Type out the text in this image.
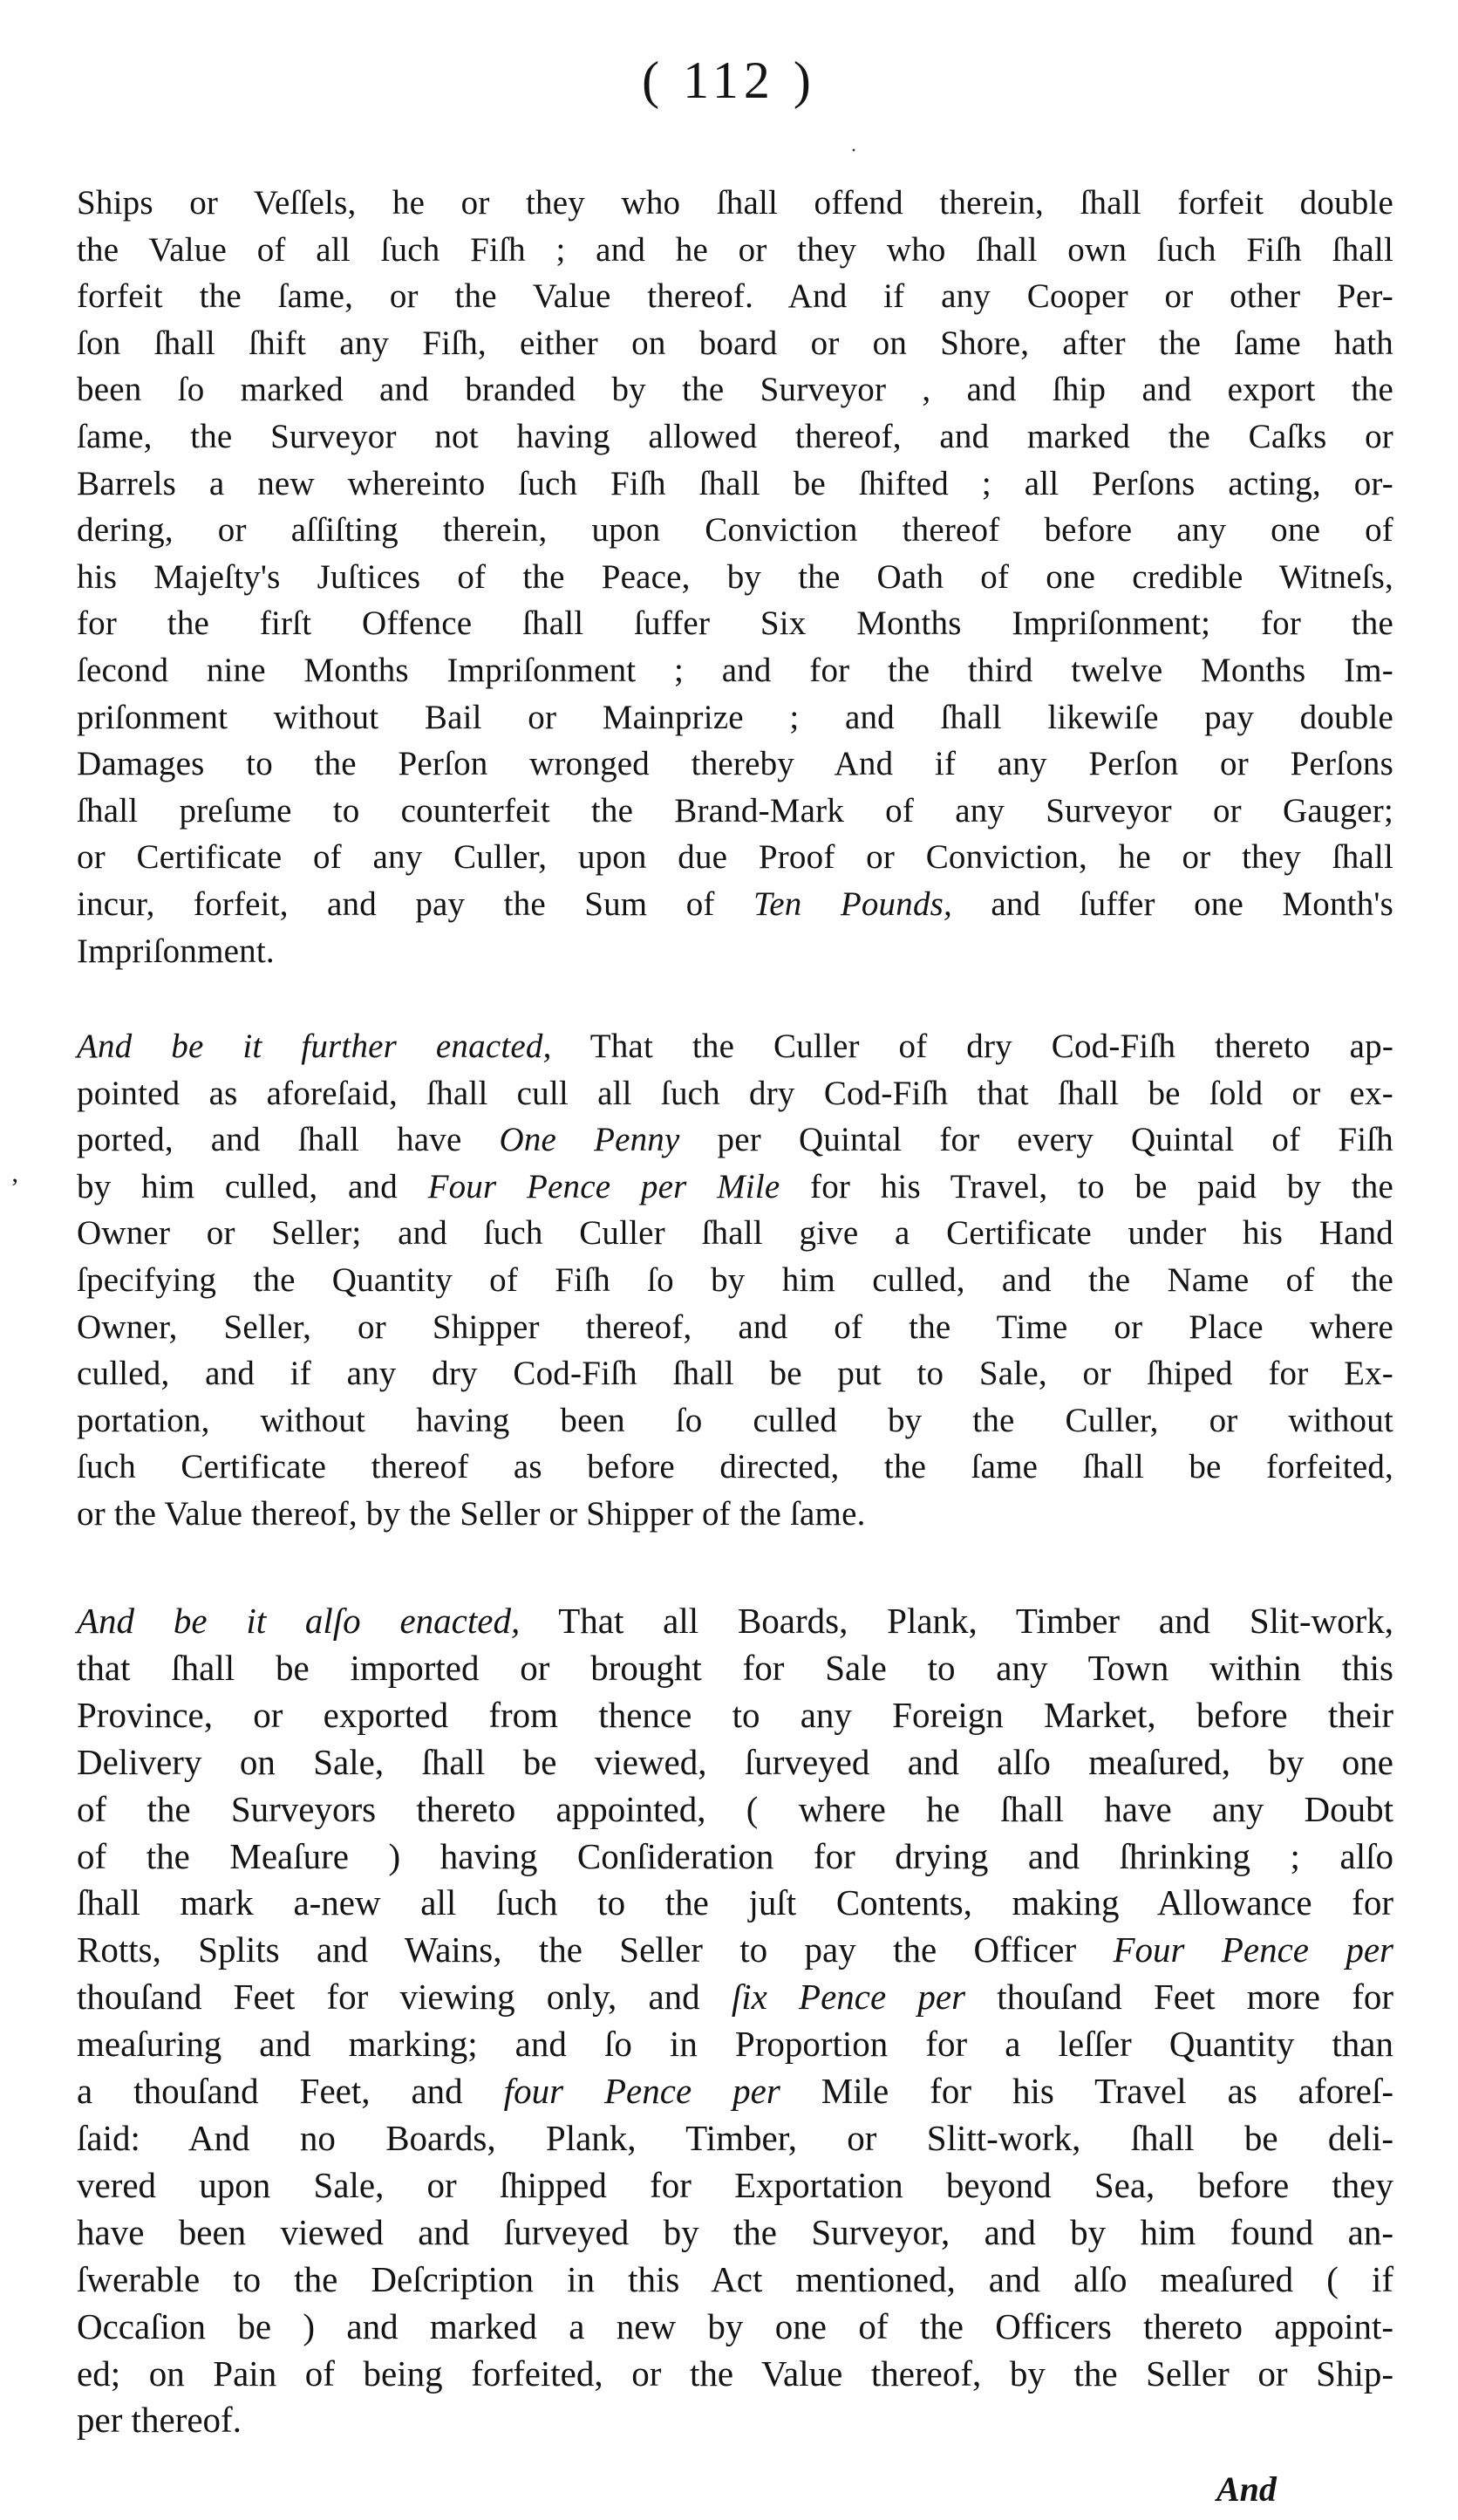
( 112 )
·
’
Ships or Veſſels, he or they who ſhall offend therein, ſhall forfeit double
the Value of all ſuch Fiſh ; and he or they who ſhall own ſuch Fiſh ſhall
forfeit the ſame, or the Value thereof. And if any Cooper or other Per-
ſon ſhall ſhift any Fiſh, either on board or on Shore, after the ſame hath
been ſo marked and branded by the Surveyor , and ſhip and export the
ſame, the Surveyor not having allowed thereof, and marked the Caſks or
Barrels a new whereinto ſuch Fiſh ſhall be ſhifted ; all Perſons acting, or-
dering, or aſſiſting therein, upon Conviction thereof before any one of
his Majeſty's Juſtices of the Peace, by the Oath of one credible Witneſs,
for the firſt Offence ſhall ſuffer Six Months Impriſonment; for the
ſecond nine Months Impriſonment ; and for the third twelve Months Im-
priſonment without Bail or Mainprize ; and ſhall likewiſe pay double
Damages to the Perſon wronged thereby And if any Perſon or Perſons
ſhall preſume to counterfeit the Brand-Mark of any Surveyor or Gauger;
or Certificate of any Culler, upon due Proof or Conviction, he or they ſhall
incur, forfeit, and pay the Sum of Ten Pounds, and ſuffer one Month's
Impriſonment.
And be it further enacted, That the Culler of dry Cod-Fiſh thereto ap-
pointed as aforeſaid, ſhall cull all ſuch dry Cod-Fiſh that ſhall be ſold or ex-
ported, and ſhall have One Penny per Quintal for every Quintal of Fiſh
by him culled, and Four Pence per Mile for his Travel, to be paid by the
Owner or Seller; and ſuch Culler ſhall give a Certificate under his Hand
ſpecifying the Quantity of Fiſh ſo by him culled, and the Name of the
Owner, Seller, or Shipper thereof, and of the Time or Place where
culled, and if any dry Cod-Fiſh ſhall be put to Sale, or ſhiped for Ex-
portation, without having been ſo culled by the Culler, or without
ſuch Certificate thereof as before directed, the ſame ſhall be forfeited,
or the Value thereof, by the Seller or Shipper of the ſame.
And be it alſo enacted, That all Boards, Plank, Timber and Slit-work,
that ſhall be imported or brought for Sale to any Town within this
Province, or exported from thence to any Foreign Market, before their
Delivery on Sale, ſhall be viewed, ſurveyed and alſo meaſured, by one
of the Surveyors thereto appointed, ( where he ſhall have any Doubt
of the Meaſure ) having Conſideration for drying and ſhrinking ; alſo
ſhall mark a-new all ſuch to the juſt Contents, making Allowance for
Rotts, Splits and Wains, the Seller to pay the Officer Four Pence per
thouſand Feet for viewing only, and ſix Pence per thouſand Feet more for
meaſuring and marking; and ſo in Proportion for a leſſer Quantity than
a thouſand Feet, and four Pence per Mile for his Travel as aforeſ-
ſaid: And no Boards, Plank, Timber, or Slitt-work, ſhall be deli-
vered upon Sale, or ſhipped for Exportation beyond Sea, before they
have been viewed and ſurveyed by the Surveyor, and by him found an-
ſwerable to the Deſcription in this Act mentioned, and alſo meaſured ( if
Occaſion be ) and marked a new by one of the Officers thereto appoint-
ed; on Pain of being forfeited, or the Value thereof, by the Seller or Ship-
per thereof.
And
